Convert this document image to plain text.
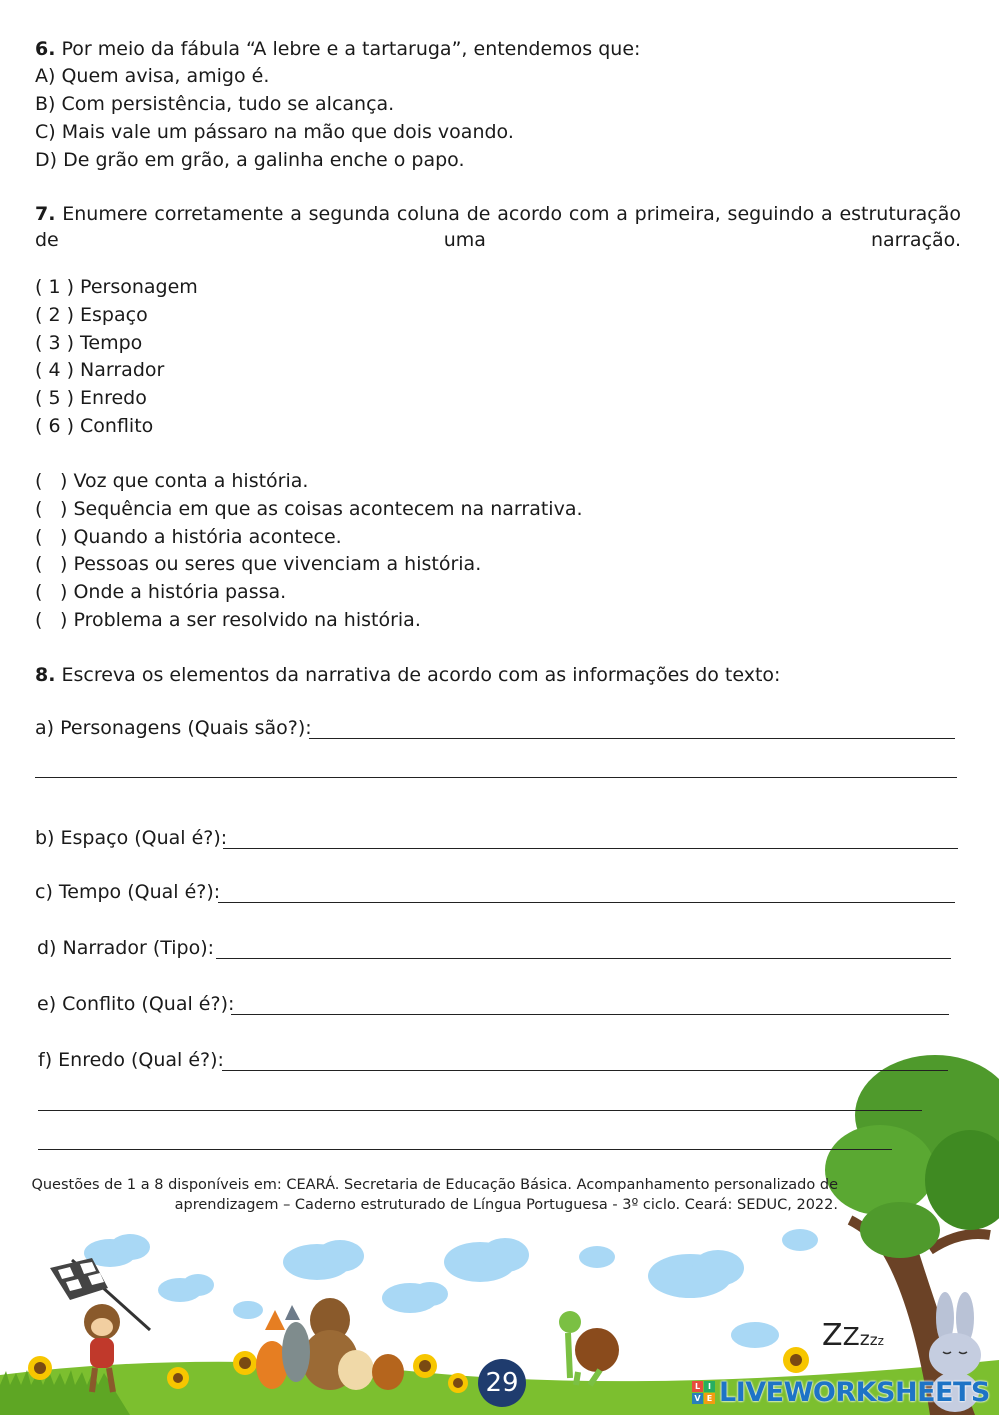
6. Por meio da fábula “A lebre e a tartaruga”, entendemos que:
A) Quem avisa, amigo é.
B) Com persistência, tudo se alcança.
C) Mais vale um pássaro na mão que dois voando.
D) De grão em grão, a galinha enche o papo.
7. Enumere corretamente a segunda coluna de acordo com a primeira, seguindo a estruturação de uma narração.
( 1 ) Personagem
( 2 ) Espaço
( 3 ) Tempo
( 4 ) Narrador
( 5 ) Enredo
( 6 ) Conflito
( ) Voz que conta a história.
( ) Sequência em que as coisas acontecem na narrativa.
( ) Quando a história acontece.
( ) Pessoas ou seres que vivenciam a história.
( ) Onde a história passa.
( ) Problema a ser resolvido na história.
8. Escreva os elementos da narrativa de acordo com as informações do texto:
a) Personagens (Quais são?):
b) Espaço (Qual é?):
c) Tempo (Qual é?):
d) Narrador (Tipo):
e) Conflito (Qual é?):
f) Enredo (Qual é?):
Questões de 1 a 8 disponíveis em: CEARÁ. Secretaria de Educação Básica. Acompanhamento personalizado de
aprendizagem – Caderno estruturado de Língua Portuguesa - 3º ciclo. Ceará: SEDUC, 2022.
ZZzzz
29	L I
V E LIVEWORKSHEETS
